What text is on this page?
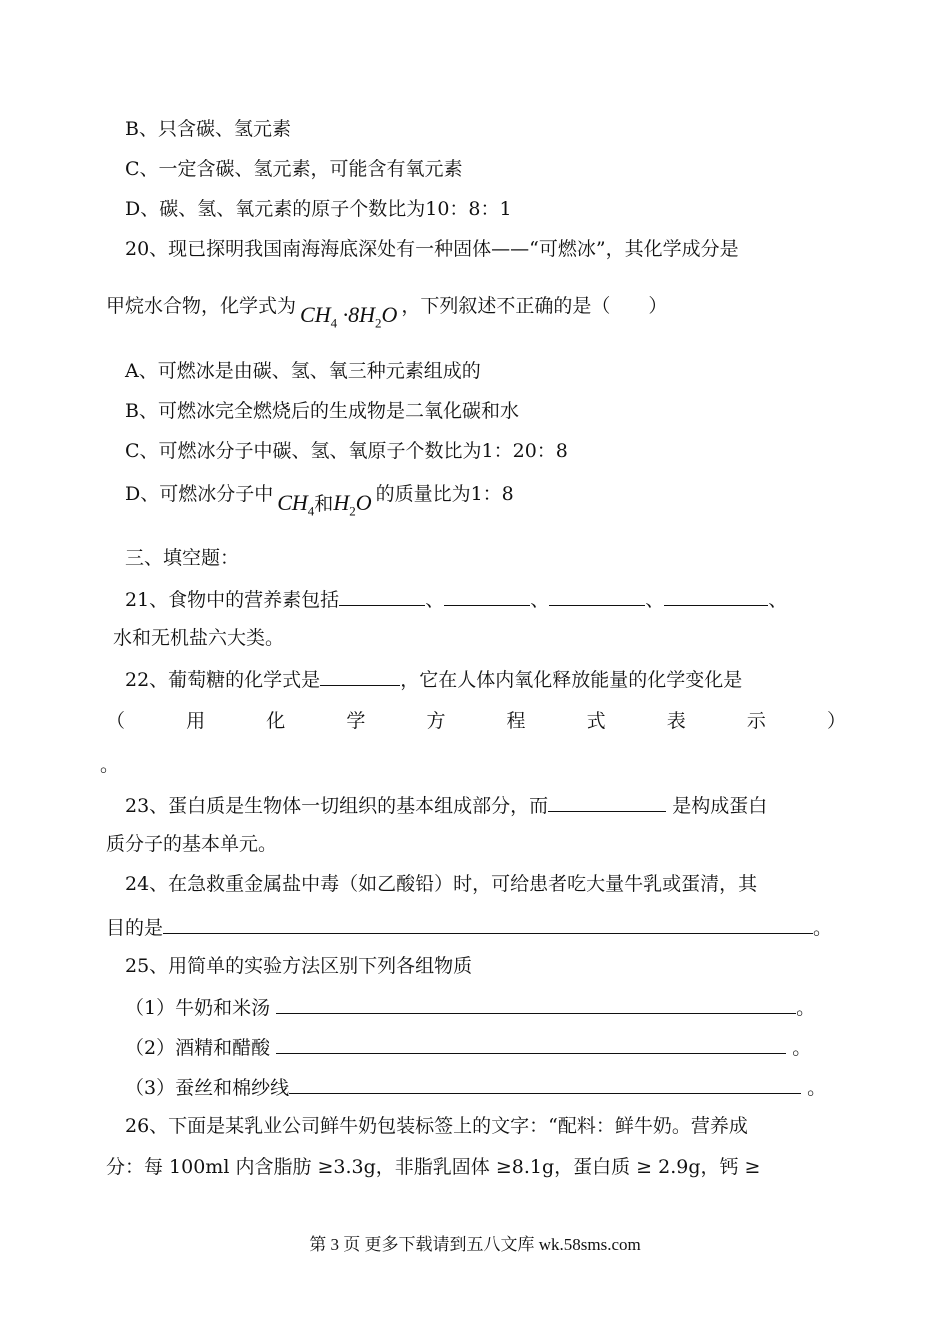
B、只含碳、氢元素
C、一定含碳、氢元素，可能含有氧元素
D、碳、氢、氧元素的原子个数比为10：8：1
20、现已探明我国南海海底深处有一种固体——“可燃冰”，其化学成分是
甲烷水合物，化学式为 $CH_4 \cdot 8H_2O$ ，下列叙述不正确的是（　　）
A、可燃冰是由碳、氢、氧三种元素组成的
B、可燃冰完全燃烧后的生成物是二氧化碳和水
C、可燃冰分子中碳、氢、氧原子个数比为1：20：8
D、可燃冰分子中 $CH_4$和$H_2O$ 的质量比为1：8
三、填空题：
21、食物中的营养素包括	、	、	、	、
水和无机盐六大类。
22、葡萄糖的化学式是	，它在人体内氧化释放能量的化学变化是
（	用	化	学	方	程	式	表	示	）
。
23、蛋白质是生物体一切组织的基本组成部分，而	是构成蛋白
质分子的基本单元。
24、在急救重金属盐中毒（如乙酸铅）时，可给患者吃大量牛乳或蛋清，其
目的是	。
25、用简单的实验方法区别下列各组物质
（1）牛奶和米汤	。
（2）酒精和醋酸	。
（3）蚕丝和棉纱线	。
26、下面是某乳业公司鲜牛奶包装标签上的文字：“配料：鲜牛奶。营养成
分：每 100ml 内含脂肪 ≥3.3g，非脂乳固体 ≥8.1g，蛋白质 ≥ 2.9g，钙 ≥
第 3 页 更多下载请到五八文库 wk.58sms.com
